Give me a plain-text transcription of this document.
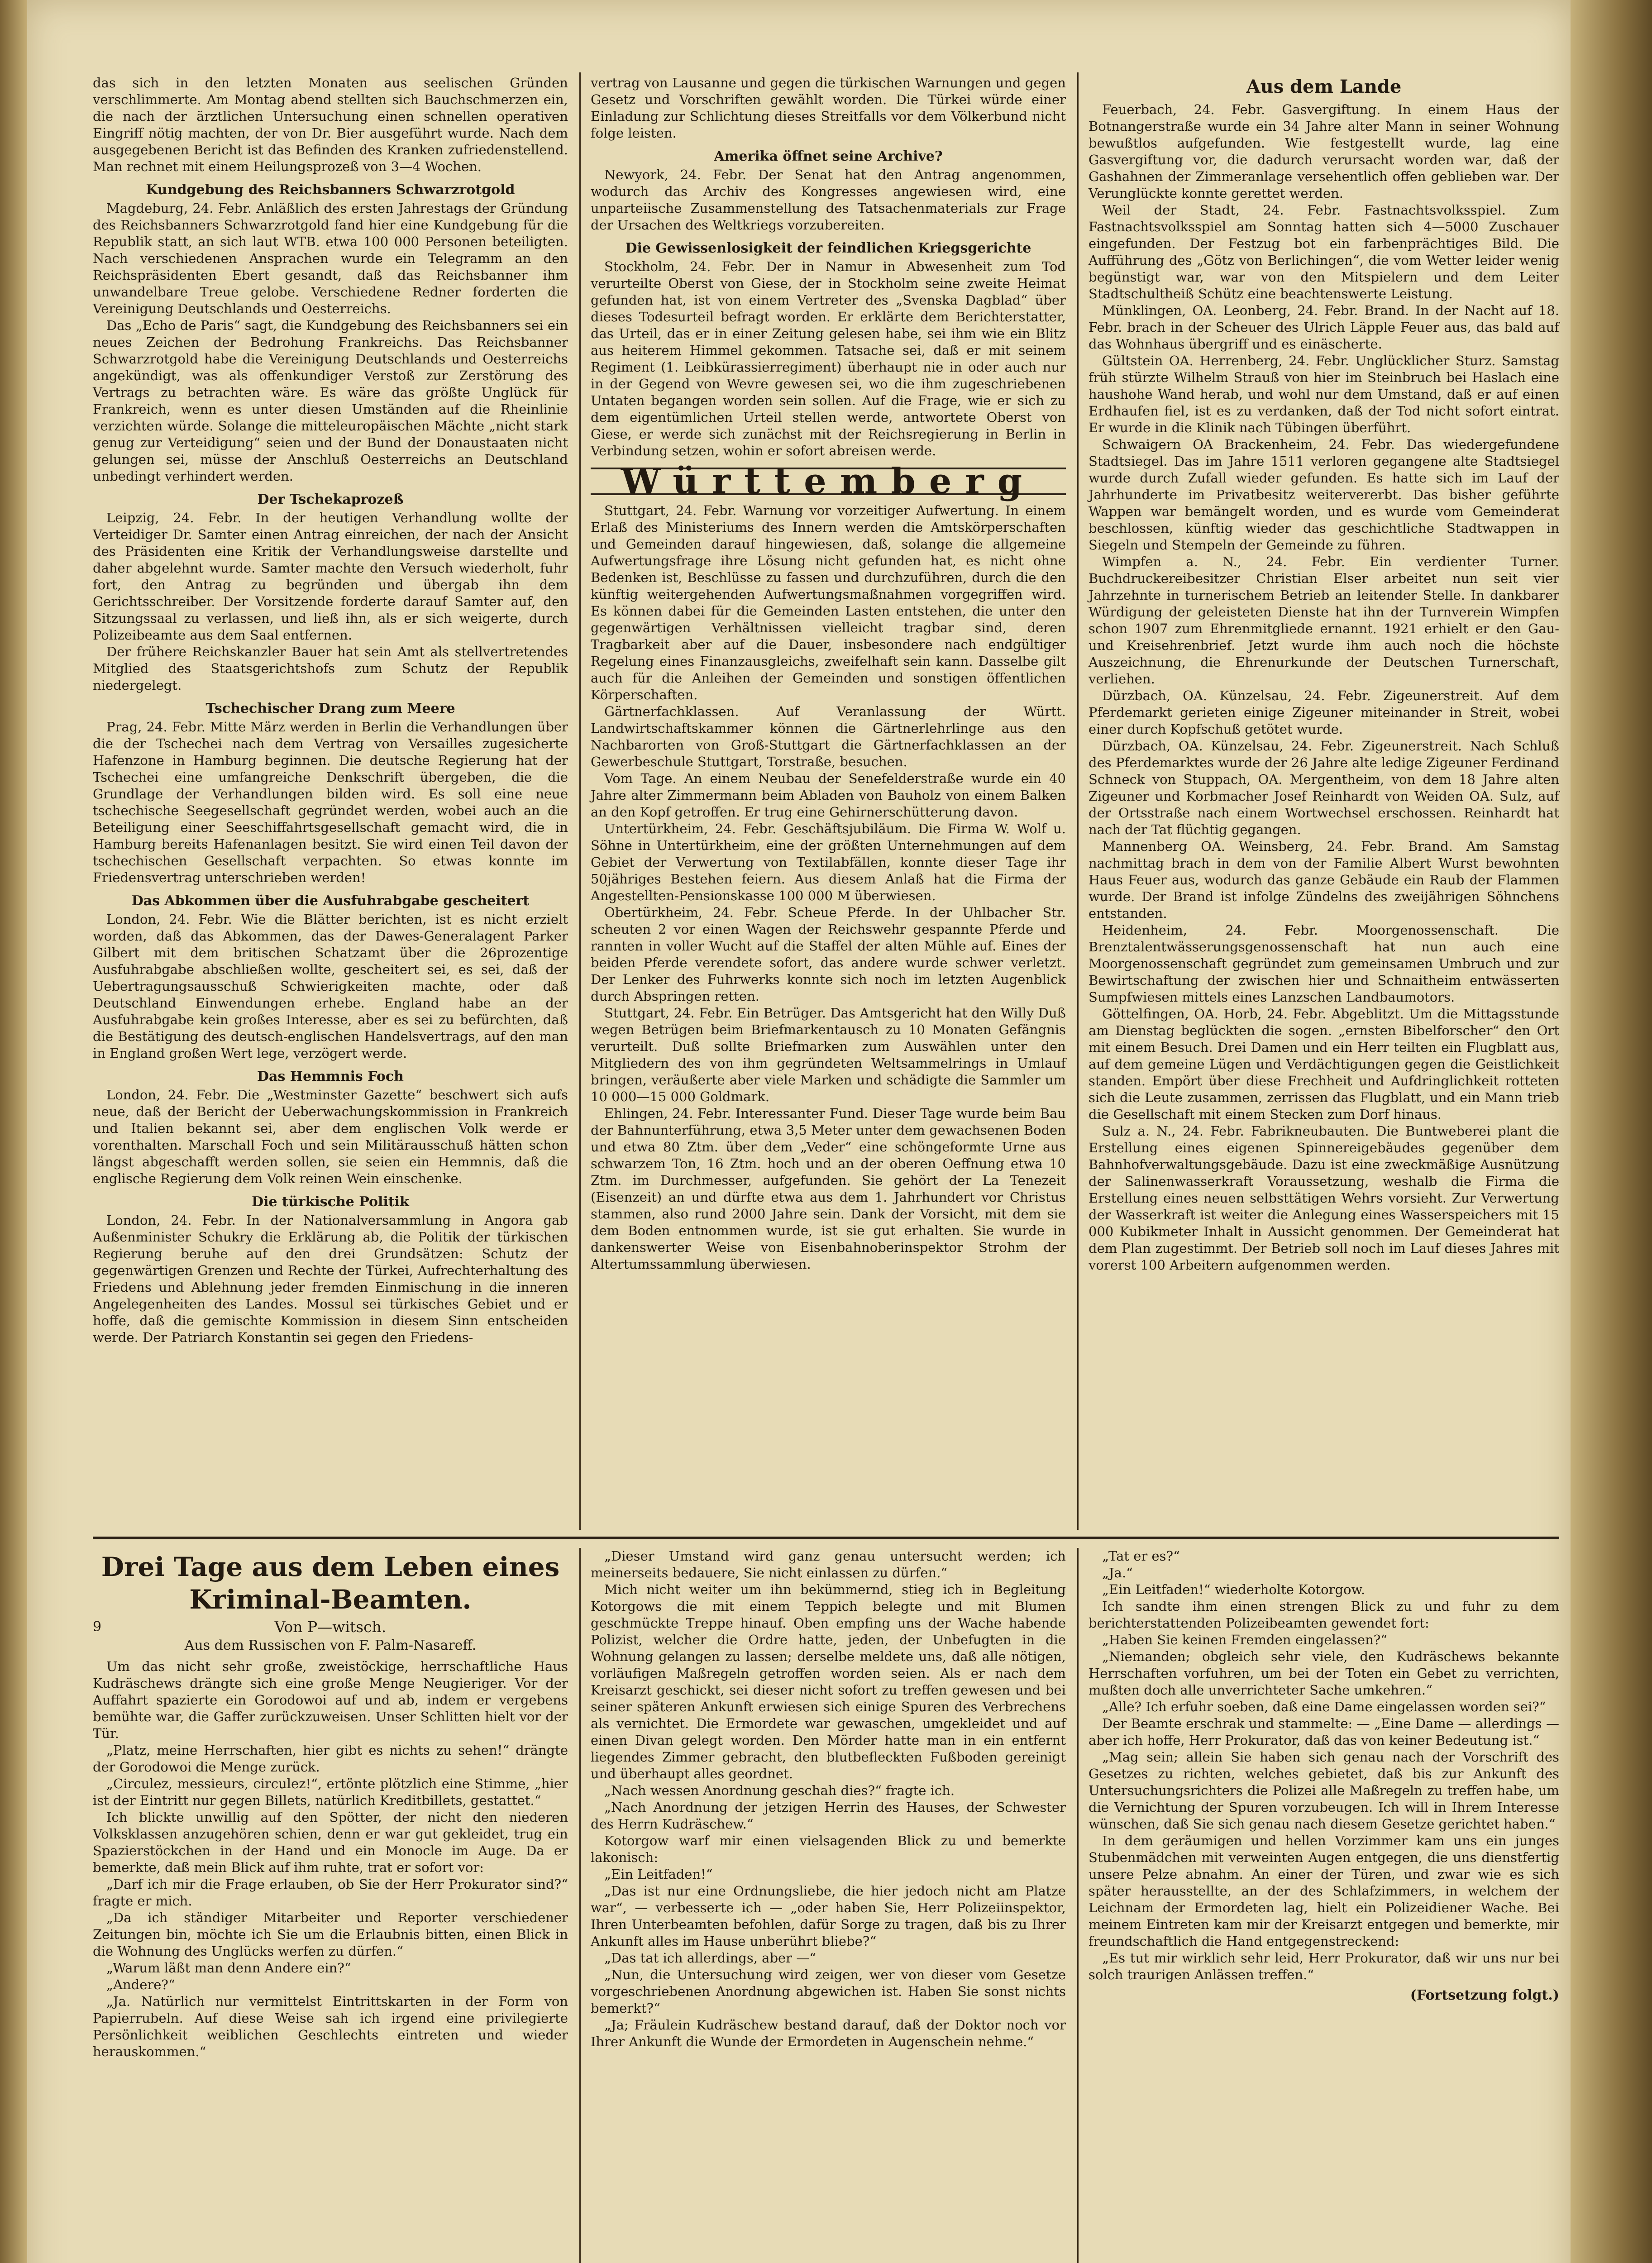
das sich in den letzten Monaten aus seelischen Gründen verschlimmerte. Am Montag abend stellten sich Bauchschmerzen ein, die nach der ärztlichen Untersuchung einen schnellen operativen Eingriff nötig machten, der von Dr. Bier ausgeführt wurde. Nach dem ausgegebenen Bericht ist das Befinden des Kranken zufriedenstellend. Man rechnet mit einem Heilungsprozeß von 3—4 Wochen.

Kundgebung des Reichsbanners Schwarzrotgold

Magdeburg, 24. Febr. Anläßlich des ersten Jahrestags der Gründung des Reichsbanners Schwarzrotgold fand hier eine Kundgebung für die Republik statt, an sich laut WTB. etwa 100 000 Personen beteiligten. Nach verschiedenen Ansprachen wurde ein Telegramm an den Reichspräsidenten Ebert gesandt, daß das Reichsbanner ihm unwandelbare Treue gelobe. Verschiedene Redner forderten die Vereinigung Deutschlands und Oesterreichs.

Das „Echo de Paris“ sagt, die Kundgebung des Reichsbanners sei ein neues Zeichen der Bedrohung Frankreichs. Das Reichsbanner Schwarzrotgold habe die Vereinigung Deutschlands und Oesterreichs angekündigt, was als offenkundiger Verstoß zur Zerstörung des Vertrags zu betrachten wäre. Es wäre das größte Unglück für Frankreich, wenn es unter diesen Umständen auf die Rheinlinie verzichten würde. Solange die mitteleuropäischen Mächte „nicht stark genug zur Verteidigung“ seien und der Bund der Donaustaaten nicht gelungen sei, müsse der Anschluß Oesterreichs an Deutschland unbedingt verhindert werden.

Der Tschekaprozeß

Leipzig, 24. Febr. In der heutigen Verhandlung wollte der Verteidiger Dr. Samter einen Antrag einreichen, der nach der Ansicht des Präsidenten eine Kritik der Verhandlungsweise darstellte und daher abgelehnt wurde. Samter machte den Versuch wiederholt, fuhr fort, den Antrag zu begründen und übergab ihn dem Gerichtsschreiber. Der Vorsitzende forderte darauf Samter auf, den Sitzungssaal zu verlassen, und ließ ihn, als er sich weigerte, durch Polizeibeamte aus dem Saal entfernen.

Der frühere Reichskanzler Bauer hat sein Amt als stellvertretendes Mitglied des Staatsgerichtshofs zum Schutz der Republik niedergelegt.

Tschechischer Drang zum Meere

Prag, 24. Febr. Mitte März werden in Berlin die Verhandlungen über die der Tschechei nach dem Vertrag von Versailles zugesicherte Hafenzone in Hamburg beginnen. Die deutsche Regierung hat der Tschechei eine umfangreiche Denkschrift übergeben, die die Grundlage der Verhandlungen bilden wird. Es soll eine neue tschechische Seegesellschaft gegründet werden, wobei auch an die Beteiligung einer Seeschiffahrtsgesellschaft gemacht wird, die in Hamburg bereits Hafenanlagen besitzt. Sie wird einen Teil davon der tschechischen Gesellschaft verpachten. So etwas konnte im Friedensvertrag unterschrieben werden!

Das Abkommen über die Ausfuhrabgabe gescheitert

London, 24. Febr. Wie die Blätter berichten, ist es nicht erzielt worden, daß das Abkommen, das der Dawes-Generalagent Parker Gilbert mit dem britischen Schatzamt über die 26prozentige Ausfuhrabgabe abschließen wollte, gescheitert sei, es sei, daß der Uebertragungsausschuß Schwierigkeiten machte, oder daß Deutschland Einwendungen erhebe. England habe an der Ausfuhrabgabe kein großes Interesse, aber es sei zu befürchten, daß die Bestätigung des deutsch-englischen Handelsvertrags, auf den man in England großen Wert lege, verzögert werde.

Das Hemmnis Foch

London, 24. Febr. Die „Westminster Gazette“ beschwert sich aufs neue, daß der Bericht der Ueberwachungskommission in Frankreich und Italien bekannt sei, aber dem englischen Volk werde er vorenthalten. Marschall Foch und sein Militärausschuß hätten schon längst abgeschafft werden sollen, sie seien ein Hemmnis, daß die englische Regierung dem Volk reinen Wein einschenke.

Die türkische Politik

London, 24. Febr. In der Nationalversammlung in Angora gab Außenminister Schukry die Erklärung ab, die Politik der türkischen Regierung beruhe auf den drei Grundsätzen: Schutz der gegenwärtigen Grenzen und Rechte der Türkei, Aufrechterhaltung des Friedens und Ablehnung jeder fremden Einmischung in die inneren Angelegenheiten des Landes. Mossul sei türkisches Gebiet und er hoffe, daß die gemischte Kommission in diesem Sinn entscheiden werde. Der Patriarch Konstantin sei gegen den Friedens-

vertrag von Lausanne und gegen die türkischen Warnungen und gegen Gesetz und Vorschriften gewählt worden. Die Türkei würde einer Einladung zur Schlichtung dieses Streitfalls vor dem Völkerbund nicht folge leisten.

Amerika öffnet seine Archive?

Newyork, 24. Febr. Der Senat hat den Antrag angenommen, wodurch das Archiv des Kongresses angewiesen wird, eine unparteiische Zusammenstellung des Tatsachenmaterials zur Frage der Ursachen des Weltkriegs vorzubereiten.

Die Gewissenlosigkeit der feindlichen Kriegsgerichte

Stockholm, 24. Febr. Der in Namur in Abwesenheit zum Tod verurteilte Oberst von Giese, der in Stockholm seine zweite Heimat gefunden hat, ist von einem Vertreter des „Svenska Dagblad“ über dieses Todesurteil befragt worden. Er erklärte dem Berichterstatter, das Urteil, das er in einer Zeitung gelesen habe, sei ihm wie ein Blitz aus heiterem Himmel gekommen. Tatsache sei, daß er mit seinem Regiment (1. Leibkürassierregiment) überhaupt nie in oder auch nur in der Gegend von Wevre gewesen sei, wo die ihm zugeschriebenen Untaten begangen worden sein sollen. Auf die Frage, wie er sich zu dem eigentümlichen Urteil stellen werde, antwortete Oberst von Giese, er werde sich zunächst mit der Reichsregierung in Berlin in Verbindung setzen, wohin er sofort abreisen werde.

Württemberg

Stuttgart, 24. Febr. Warnung vor vorzeitiger Aufwertung. In einem Erlaß des Ministeriums des Innern werden die Amtskörperschaften und Gemeinden darauf hingewiesen, daß, solange die allgemeine Aufwertungsfrage ihre Lösung nicht gefunden hat, es nicht ohne Bedenken ist, Beschlüsse zu fassen und durchzuführen, durch die den künftig weitergehenden Aufwertungsmaßnahmen vorgegriffen wird. Es können dabei für die Gemeinden Lasten entstehen, die unter den gegenwärtigen Verhältnissen vielleicht tragbar sind, deren Tragbarkeit aber auf die Dauer, insbesondere nach endgültiger Regelung eines Finanzausgleichs, zweifelhaft sein kann. Dasselbe gilt auch für die Anleihen der Gemeinden und sonstigen öffentlichen Körperschaften.

Gärtnerfachklassen. Auf Veranlassung der Württ. Landwirtschaftskammer können die Gärtnerlehrlinge aus den Nachbarorten von Groß-Stuttgart die Gärtnerfachklassen an der Gewerbeschule Stuttgart, Torstraße, besuchen.

Vom Tage. An einem Neubau der Senefelderstraße wurde ein 40 Jahre alter Zimmermann beim Abladen von Bauholz von einem Balken an den Kopf getroffen. Er trug eine Gehirnerschütterung davon.

Untertürkheim, 24. Febr. Geschäftsjubiläum. Die Firma W. Wolf u. Söhne in Untertürkheim, eine der größten Unternehmungen auf dem Gebiet der Verwertung von Textilabfällen, konnte dieser Tage ihr 50jähriges Bestehen feiern. Aus diesem Anlaß hat die Firma der Angestellten-Pensionskasse 100 000 M überwiesen.

Obertürkheim, 24. Febr. Scheue Pferde. In der Uhlbacher Str. scheuten 2 vor einen Wagen der Reichswehr gespannte Pferde und rannten in voller Wucht auf die Staffel der alten Mühle auf. Eines der beiden Pferde verendete sofort, das andere wurde schwer verletzt. Der Lenker des Fuhrwerks konnte sich noch im letzten Augenblick durch Abspringen retten.

Stuttgart, 24. Febr. Ein Betrüger. Das Amtsgericht hat den Willy Duß wegen Betrügen beim Briefmarkentausch zu 10 Monaten Gefängnis verurteilt. Duß sollte Briefmarken zum Auswählen unter den Mitgliedern des von ihm gegründeten Weltsammelrings in Umlauf bringen, veräußerte aber viele Marken und schädigte die Sammler um 10 000—15 000 Goldmark.

Ehlingen, 24. Febr. Interessanter Fund. Dieser Tage wurde beim Bau der Bahnunterführung, etwa 3,5 Meter unter dem gewachsenen Boden und etwa 80 Ztm. über dem „Veder“ eine schöngeformte Urne aus schwarzem Ton, 16 Ztm. hoch und an der oberen Oeffnung etwa 10 Ztm. im Durchmesser, aufgefunden. Sie gehört der La Tenezeit (Eisenzeit) an und dürfte etwa aus dem 1. Jahrhundert vor Christus stammen, also rund 2000 Jahre sein. Dank der Vorsicht, mit dem sie dem Boden entnommen wurde, ist sie gut erhalten. Sie wurde in dankenswerter Weise von Eisenbahnoberinspektor Strohm der Altertumssammlung überwiesen.

Aus dem Lande

Feuerbach, 24. Febr. Gasvergiftung. In einem Haus der Botnangerstraße wurde ein 34 Jahre alter Mann in seiner Wohnung bewußtlos aufgefunden. Wie festgestellt wurde, lag eine Gasvergiftung vor, die dadurch verursacht worden war, daß der Gashahnen der Zimmeranlage versehentlich offen geblieben war. Der Verunglückte konnte gerettet werden.

Weil der Stadt, 24. Febr. Fastnachtsvolksspiel. Zum Fastnachtsvolksspiel am Sonntag hatten sich 4—5000 Zuschauer eingefunden. Der Festzug bot ein farbenprächtiges Bild. Die Aufführung des „Götz von Berlichingen“, die vom Wetter leider wenig begünstigt war, war von den Mitspielern und dem Leiter Stadtschultheiß Schütz eine beachtenswerte Leistung.

Münklingen, OA. Leonberg, 24. Febr. Brand. In der Nacht auf 18. Febr. brach in der Scheuer des Ulrich Läpple Feuer aus, das bald auf das Wohnhaus übergriff und es einäscherte.

Gültstein OA. Herrenberg, 24. Febr. Unglücklicher Sturz. Samstag früh stürzte Wilhelm Strauß von hier im Steinbruch bei Haslach eine haushohe Wand herab, und wohl nur dem Umstand, daß er auf einen Erdhaufen fiel, ist es zu verdanken, daß der Tod nicht sofort eintrat. Er wurde in die Klinik nach Tübingen überführt.

Schwaigern OA Brackenheim, 24. Febr. Das wiedergefundene Stadtsiegel. Das im Jahre 1511 verloren gegangene alte Stadtsiegel wurde durch Zufall wieder gefunden. Es hatte sich im Lauf der Jahrhunderte im Privatbesitz weitervererbt. Das bisher geführte Wappen war bemängelt worden, und es wurde vom Gemeinderat beschlossen, künftig wieder das geschichtliche Stadtwappen in Siegeln und Stempeln der Gemeinde zu führen.

Wimpfen a. N., 24. Febr. Ein verdienter Turner. Buchdruckereibesitzer Christian Elser arbeitet nun seit vier Jahrzehnte in turnerischem Betrieb an leitender Stelle. In dankbarer Würdigung der geleisteten Dienste hat ihn der Turnverein Wimpfen schon 1907 zum Ehrenmitgliede ernannt. 1921 erhielt er den Gau- und Kreisehrenbrief. Jetzt wurde ihm auch noch die höchste Auszeichnung, die Ehrenurkunde der Deutschen Turnerschaft, verliehen.

Dürzbach, OA. Künzelsau, 24. Febr. Zigeunerstreit. Auf dem Pferdemarkt gerieten einige Zigeuner miteinander in Streit, wobei einer durch Kopfschuß getötet wurde.

Dürzbach, OA. Künzelsau, 24. Febr. Zigeunerstreit. Nach Schluß des Pferdemarktes wurde der 26 Jahre alte ledige Zigeuner Ferdinand Schneck von Stuppach, OA. Mergentheim, von dem 18 Jahre alten Zigeuner und Korbmacher Josef Reinhardt von Weiden OA. Sulz, auf der Ortsstraße nach einem Wortwechsel erschossen. Reinhardt hat nach der Tat flüchtig gegangen.

Mannenberg OA. Weinsberg, 24. Febr. Brand. Am Samstag nachmittag brach in dem von der Familie Albert Wurst bewohnten Haus Feuer aus, wodurch das ganze Gebäude ein Raub der Flammen wurde. Der Brand ist infolge Zündelns des zweijährigen Söhnchens entstanden.

Heidenheim, 24. Febr. Moorgenossenschaft. Die Brenztalentwässerungsgenossenschaft hat nun auch eine Moorgenossenschaft gegründet zum gemeinsamen Umbruch und zur Bewirtschaftung der zwischen hier und Schnaitheim entwässerten Sumpfwiesen mittels eines Lanzschen Landbaumotors.

Göttelfingen, OA. Horb, 24. Febr. Abgeblitzt. Um die Mittagsstunde am Dienstag beglückten die sogen. „ernsten Bibelforscher“ den Ort mit einem Besuch. Drei Damen und ein Herr teilten ein Flugblatt aus, auf dem gemeine Lügen und Verdächtigungen gegen die Geistlichkeit standen. Empört über diese Frechheit und Aufdringlichkeit rotteten sich die Leute zusammen, zerrissen das Flugblatt, und ein Mann trieb die Gesellschaft mit einem Stecken zum Dorf hinaus.

Sulz a. N., 24. Febr. Fabrikneubauten. Die Buntweberei plant die Erstellung eines eigenen Spinnereigebäudes gegenüber dem Bahnhofverwaltungsgebäude. Dazu ist eine zweckmäßige Ausnützung der Salinenwasserkraft Voraussetzung, weshalb die Firma die Erstellung eines neuen selbsttätigen Wehrs vorsieht. Zur Verwertung der Wasserkraft ist weiter die Anlegung eines Wasserspeichers mit 15 000 Kubikmeter Inhalt in Aussicht genommen. Der Gemeinderat hat dem Plan zugestimmt. Der Betrieb soll noch im Lauf dieses Jahres mit vorerst 100 Arbeitern aufgenommen werden.

Drei Tage aus dem Leben eines Kriminal-Beamten.
9	Von P—witsch.
Aus dem Russischen von F. Palm-Nasareff.

Um das nicht sehr große, zweistöckige, herrschaftliche Haus Kudräschews drängte sich eine große Menge Neugieriger. Vor der Auffahrt spazierte ein Gorodowoi auf und ab, indem er vergebens bemühte war, die Gaffer zurückzuweisen. Unser Schlitten hielt vor der Tür.

„Platz, meine Herrschaften, hier gibt es nichts zu sehen!“ drängte der Gorodowoi die Menge zurück.

„Circulez, messieurs, circulez!“, ertönte plötzlich eine Stimme, „hier ist der Eintritt nur gegen Billets, natürlich Kreditbillets, gestattet.“

Ich blickte unwillig auf den Spötter, der nicht den niederen Volksklassen anzugehören schien, denn er war gut gekleidet, trug ein Spazierstöckchen in der Hand und ein Monocle im Auge. Da er bemerkte, daß mein Blick auf ihm ruhte, trat er sofort vor:

„Darf ich mir die Frage erlauben, ob Sie der Herr Prokurator sind?“ fragte er mich.

„Da ich ständiger Mitarbeiter und Reporter verschiedener Zeitungen bin, möchte ich Sie um die Erlaubnis bitten, einen Blick in die Wohnung des Unglücks werfen zu dürfen.“

„Warum läßt man denn Andere ein?“

„Andere?“

„Ja. Natürlich nur vermittelst Eintrittskarten in der Form von Papierrubeln. Auf diese Weise sah ich irgend eine privilegierte Persönlichkeit weiblichen Geschlechts eintreten und wieder herauskommen.“

„Dieser Umstand wird ganz genau untersucht werden; ich meinerseits bedauere, Sie nicht einlassen zu dürfen.“

Mich nicht weiter um ihn bekümmernd, stieg ich in Begleitung Kotorgows die mit einem Teppich belegte und mit Blumen geschmückte Treppe hinauf. Oben empfing uns der Wache habende Polizist, welcher die Ordre hatte, jeden, der Unbefugten in die Wohnung gelangen zu lassen; derselbe meldete uns, daß alle nötigen, vorläufigen Maßregeln getroffen worden seien. Als er nach dem Kreisarzt geschickt, sei dieser nicht sofort zu treffen gewesen und bei seiner späteren Ankunft erwiesen sich einige Spuren des Verbrechens als vernichtet. Die Ermordete war gewaschen, umgekleidet und auf einen Divan gelegt worden. Den Mörder hatte man in ein entfernt liegendes Zimmer gebracht, den blutbefleckten Fußboden gereinigt und überhaupt alles geordnet.

„Nach wessen Anordnung geschah dies?“ fragte ich.

„Nach Anordnung der jetzigen Herrin des Hauses, der Schwester des Herrn Kudräschew.“

Kotorgow warf mir einen vielsagenden Blick zu und bemerkte lakonisch:

„Ein Leitfaden!“

„Das ist nur eine Ordnungsliebe, die hier jedoch nicht am Platze war“, — verbesserte ich — „oder haben Sie, Herr Polizeiinspektor, Ihren Unterbeamten befohlen, dafür Sorge zu tragen, daß bis zu Ihrer Ankunft alles im Hause unberührt bliebe?“

„Das tat ich allerdings, aber —“

„Nun, die Untersuchung wird zeigen, wer von dieser vom Gesetze vorgeschriebenen Anordnung abgewichen ist. Haben Sie sonst nichts bemerkt?“

„Ja; Fräulein Kudräschew bestand darauf, daß der Doktor noch vor Ihrer Ankunft die Wunde der Ermordeten in Augenschein nehme.“

„Tat er es?“

„Ja.“

„Ein Leitfaden!“ wiederholte Kotorgow.

Ich sandte ihm einen strengen Blick zu und fuhr zu dem berichterstattenden Polizeibeamten gewendet fort:

„Haben Sie keinen Fremden eingelassen?“

„Niemanden; obgleich sehr viele, den Kudräschews bekannte Herrschaften vorfuhren, um bei der Toten ein Gebet zu verrichten, mußten doch alle unverrichteter Sache umkehren.“

„Alle? Ich erfuhr soeben, daß eine Dame eingelassen worden sei?“

Der Beamte erschrak und stammelte: — „Eine Dame — allerdings — aber ich hoffe, Herr Prokurator, daß das von keiner Bedeutung ist.“

„Mag sein; allein Sie haben sich genau nach der Vorschrift des Gesetzes zu richten, welches gebietet, daß bis zur Ankunft des Untersuchungsrichters die Polizei alle Maßregeln zu treffen habe, um die Vernichtung der Spuren vorzubeugen. Ich will in Ihrem Interesse wünschen, daß Sie sich genau nach diesem Gesetze gerichtet haben.“

In dem geräumigen und hellen Vorzimmer kam uns ein junges Stubenmädchen mit verweinten Augen entgegen, die uns dienstfertig unsere Pelze abnahm. An einer der Türen, und zwar wie es sich später herausstellte, an der des Schlafzimmers, in welchem der Leichnam der Ermordeten lag, hielt ein Polizeidiener Wache. Bei meinem Eintreten kam mir der Kreisarzt entgegen und bemerkte, mir freundschaftlich die Hand entgegenstreckend:

„Es tut mir wirklich sehr leid, Herr Prokurator, daß wir uns nur bei solch traurigen Anlässen treffen.“

(Fortsetzung folgt.)
